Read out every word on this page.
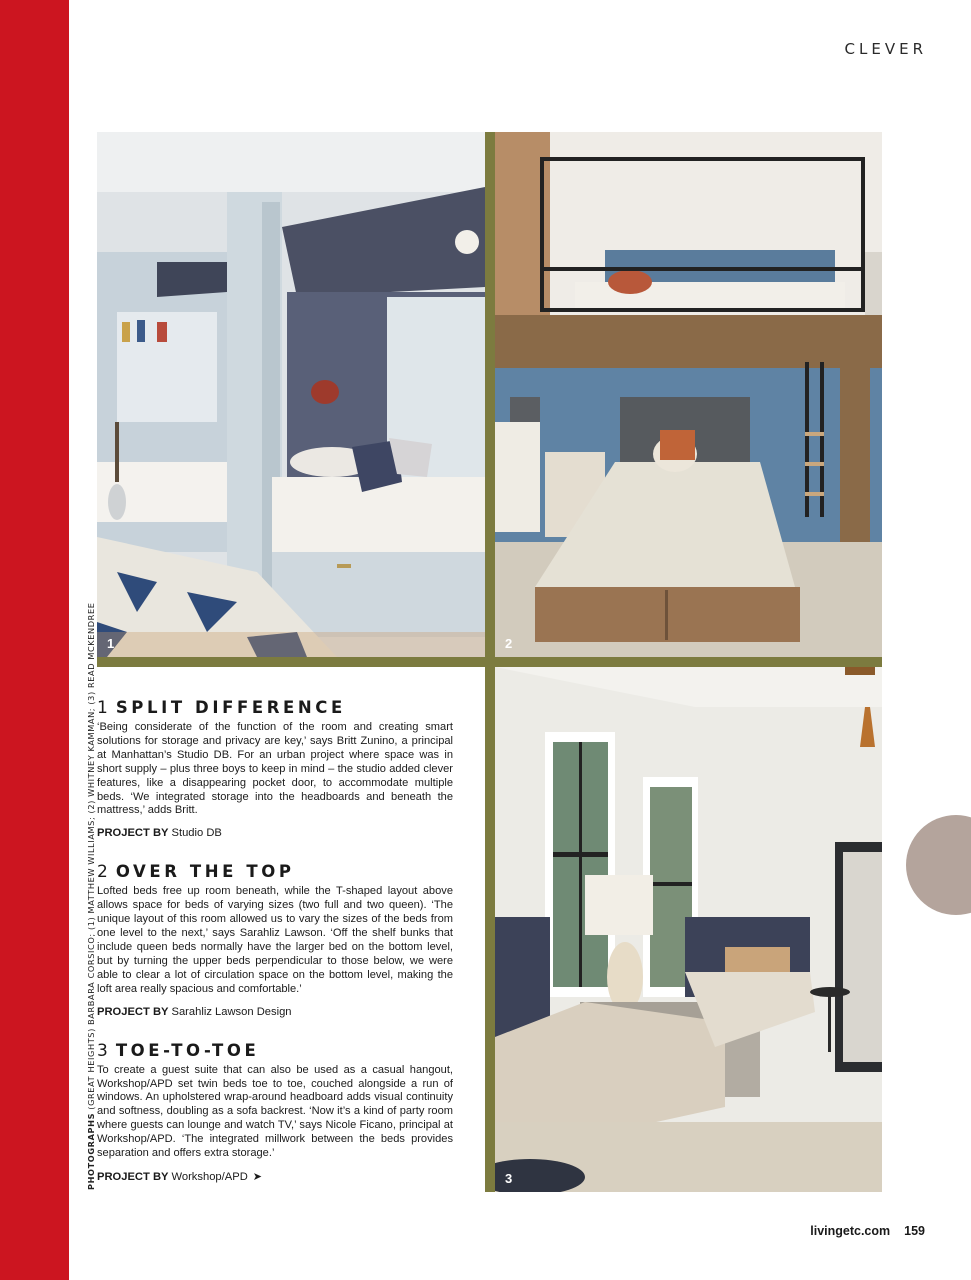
CLEVER
PHOTOGRAPHS (GREAT HEIGHTS) BARBARA CORSICO; (1) MATTHEW WILLIAMS; (2) WHITNEY KAMMAN; (3) READ MCKENDREE 1	2
3
1 SPLIT DIFFERENCE

‘Being considerate of the function of the room and creating smart solutions for storage and privacy are key,’ says Britt Zunino, a principal at Manhattan’s Studio DB. For an urban project where space was in short supply – plus three boys to keep in mind – the studio added clever features, like a disappearing pocket door, to accommodate multiple beds. ‘We integrated storage into the headboards and beneath the mattress,’ adds Britt.

PROJECT BY Studio DB
2 OVER THE TOP

Lofted beds free up room beneath, while the T-shaped layout above allows space for beds of varying sizes (two full and two queen). ‘The unique layout of this room allowed us to vary the sizes of the beds from one level to the next,’ says Sarahliz Lawson. ‘Off the shelf bunks that include queen beds normally have the larger bed on the bottom level, but by turning the upper beds perpendicular to those below, we were able to clear a lot of circulation space on the bottom level, making the loft area really spacious and comfortable.’

PROJECT BY Sarahliz Lawson Design
3 TOE-TO-TOE

To create a guest suite that can also be used as a casual hangout, Workshop/APD set twin beds toe to toe, couched alongside a run of windows. An upholstered wrap-around headboard adds visual continuity and softness, doubling as a sofa backrest. ‘Now it’s a kind of party room where guests can lounge and watch TV,’ says Nicole Ficano, principal at Workshop/APD. ‘The integrated millwork between the beds provides separation and offers extra storage.’

PROJECT BY Workshop/APD ➤
livingetc.com 159
